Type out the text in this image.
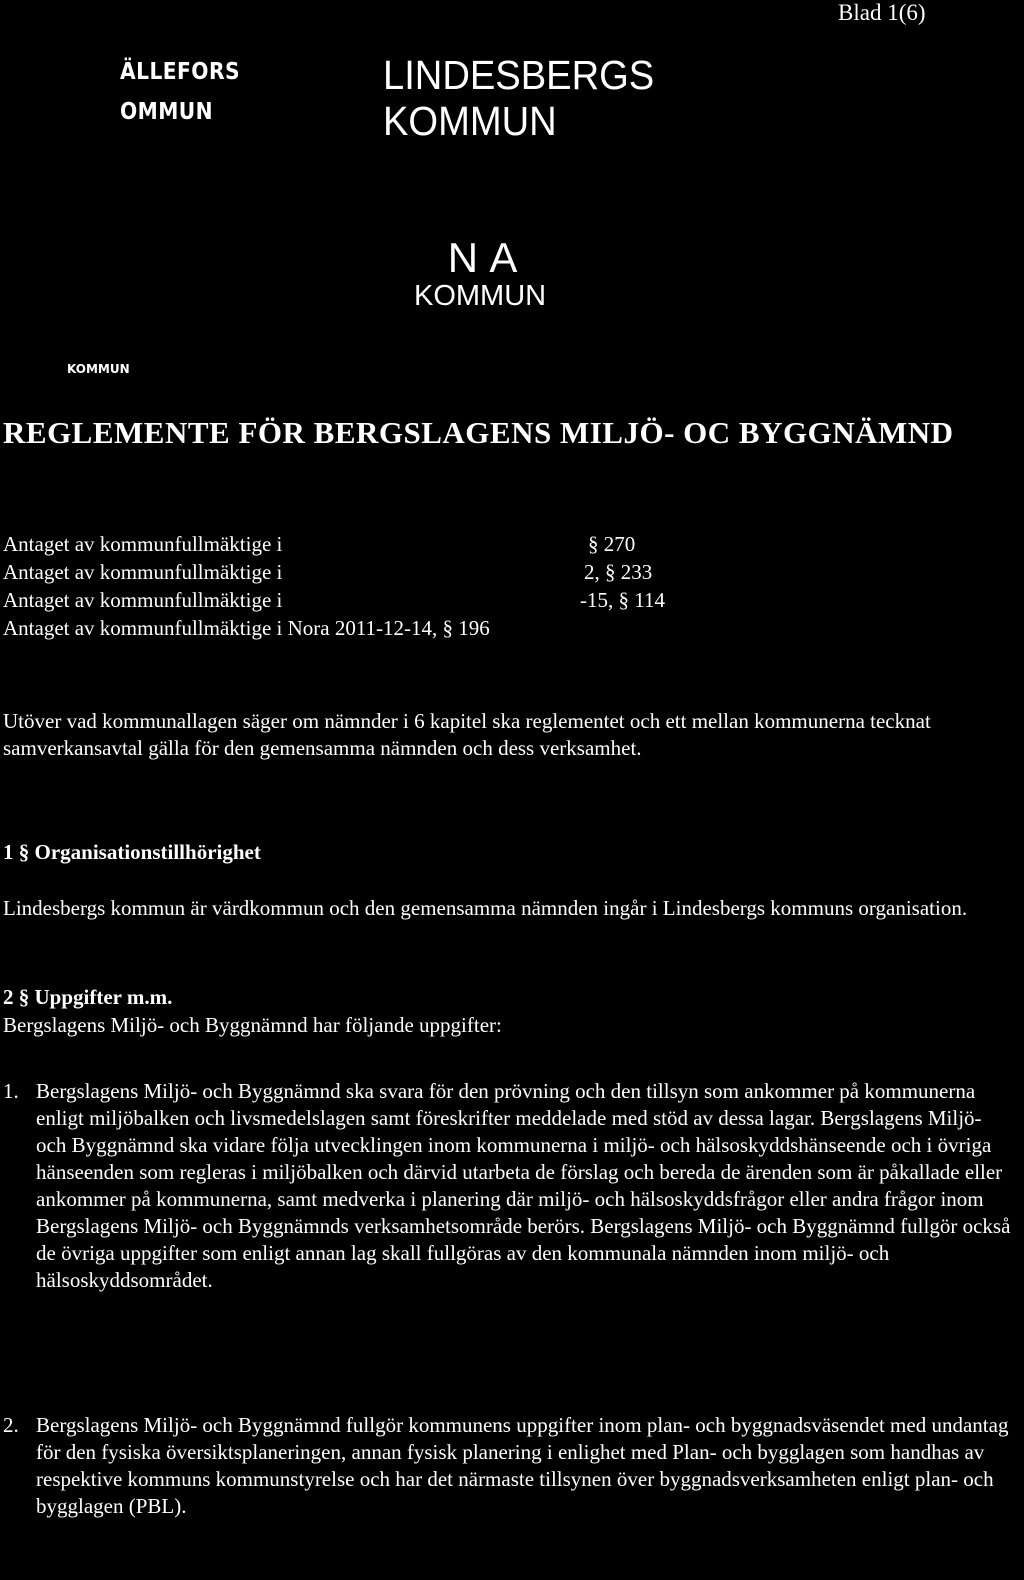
Blad 1(6)
ÄLLEFORS
OMMUN
LINDESBERGS
KOMMUN
N A
KOMMUN
KOMMUN
REGLEMENTE FÖR BERGSLAGENS MILJÖ- OC BYGGNÄMND
Antaget av kommunfullmäktige i	§ 270
Antaget av kommunfullmäktige i	2, § 233
Antaget av kommunfullmäktige i	-15, § 114
Antaget av kommunfullmäktige i Nora 2011-12-14, § 196
Utöver vad kommunallagen säger om nämnder i 6 kapitel ska reglementet och ett mellan kommunerna tecknat samverkansavtal gälla för den gemensamma nämnden och dess verksamhet.
1 § Organisationstillhörighet
Lindesbergs kommun är värdkommun och den gemensamma nämnden ingår i Lindesbergs kommuns organisation.
2 § Uppgifter m.m.
Bergslagens Miljö- och Byggnämnd har följande uppgifter:
1. Bergslagens Miljö- och Byggnämnd ska svara för den prövning och den tillsyn som ankommer på kommunerna enligt miljöbalken och livsmedelslagen samt föreskrifter meddelade med stöd av dessa lagar. Bergslagens Miljö- och Byggnämnd ska vidare följa utvecklingen inom kommunerna i miljö- och hälsoskyddshänseende och i övriga hänseenden som regleras i miljöbalken och därvid utarbeta de förslag och bereda de ärenden som är påkallade eller ankommer på kommunerna, samt medverka i planering där miljö- och hälsoskyddsfrågor eller andra frågor inom Bergslagens Miljö- och Byggnämnds verksamhetsområde berörs. Bergslagens Miljö- och Byggnämnd fullgör också de övriga uppgifter som enligt annan lag skall fullgöras av den kommunala nämnden inom miljö- och hälsoskyddsområdet.
2. Bergslagens Miljö- och Byggnämnd fullgör kommunens uppgifter inom plan- och byggnadsväsendet med undantag för den fysiska översiktsplaneringen, annan fysisk planering i enlighet med Plan- och bygglagen som handhas av respektive kommuns kommunstyrelse och har det närmaste tillsynen över byggnadsverksamheten enligt plan- och bygglagen (PBL).
